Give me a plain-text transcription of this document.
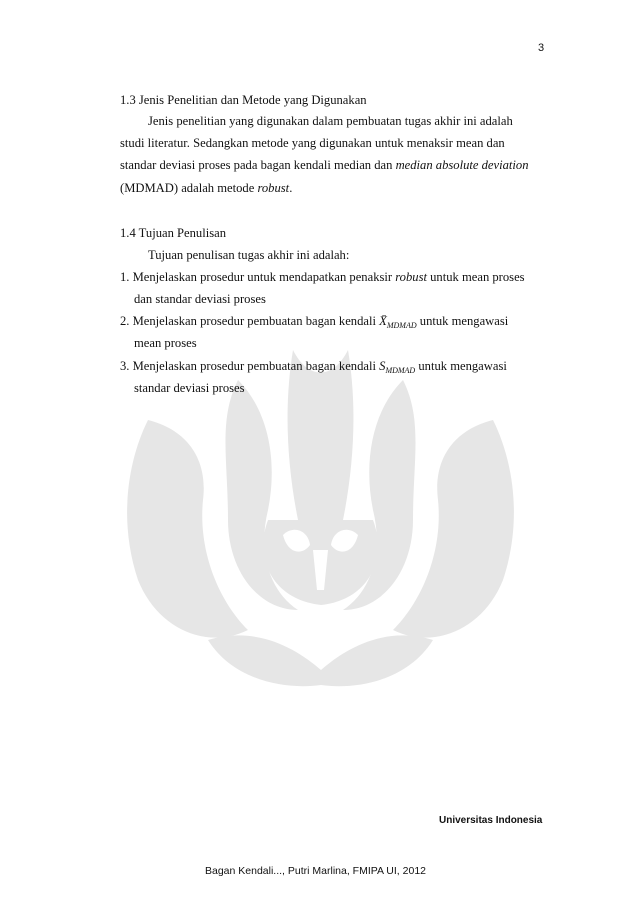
3
1.3 Jenis Penelitian dan Metode yang Digunakan
Jenis penelitian yang digunakan dalam pembuatan tugas akhir ini adalah
studi literatur. Sedangkan metode yang digunakan untuk menaksir mean dan
standar deviasi proses pada bagan kendali median dan median absolute deviation
(MDMAD) adalah metode robust.
1.4 Tujuan Penulisan
Tujuan penulisan tugas akhir ini adalah:
1. Menjelaskan prosedur untuk mendapatkan penaksir robust untuk mean proses
dan standar deviasi proses
2. Menjelaskan prosedur pembuatan bagan kendali $X̄_{MDMAD}$ untuk mengawasi
mean proses
3. Menjelaskan prosedur pembuatan bagan kendali $S_{MDMAD}$ untuk mengawasi
standar deviasi proses
Universitas Indonesia
Bagan Kendali..., Putri Marlina, FMIPA UI, 2012
